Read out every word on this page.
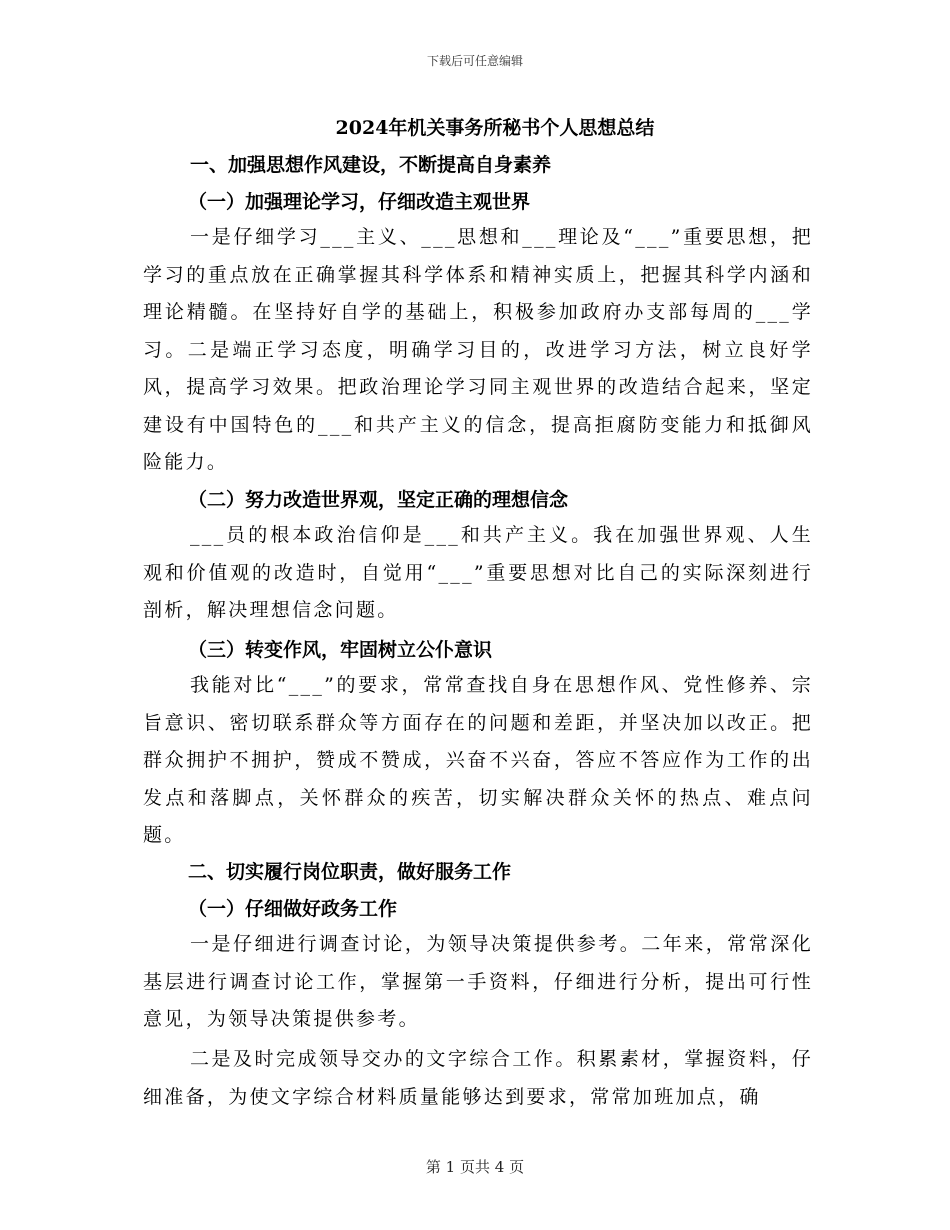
下载后可任意编辑
2024年机关事务所秘书个人思想总结
一、加强思想作风建设，不断提高自身素养
（一）加强理论学习，仔细改造主观世界

一是仔细学习___主义、___思想和___理论及“___”重要思想，把学习的重点放在正确掌握其科学体系和精神实质上，把握其科学内涵和理论精髓。在坚持好自学的基础上，积极参加政府办支部每周的___学习。二是端正学习态度，明确学习目的，改进学习方法，树立良好学风，提高学习效果。把政治理论学习同主观世界的改造结合起来，坚定建设有中国特色的___和共产主义的信念，提高拒腐防变能力和抵御风险能力。

（二）努力改造世界观，坚定正确的理想信念

___员的根本政治信仰是___和共产主义。我在加强世界观、人生观和价值观的改造时，自觉用“___”重要思想对比自己的实际深刻进行剖析，解决理想信念问题。

（三）转变作风，牢固树立公仆意识

我能对比“___”的要求，常常查找自身在思想作风、党性修养、宗旨意识、密切联系群众等方面存在的问题和差距，并坚决加以改正。把群众拥护不拥护，赞成不赞成，兴奋不兴奋，答应不答应作为工作的出发点和落脚点，关怀群众的疾苦，切实解决群众关怀的热点、难点问题。

二、切实履行岗位职责，做好服务工作
（一）仔细做好政务工作

一是仔细进行调查讨论，为领导决策提供参考。二年来，常常深化基层进行调查讨论工作，掌握第一手资料，仔细进行分析，提出可行性意见，为领导决策提供参考。

二是及时完成领导交办的文字综合工作。积累素材，掌握资料，仔细准备，为使文字综合材料质量能够达到要求，常常加班加点，确

第 1 页共 4 页
